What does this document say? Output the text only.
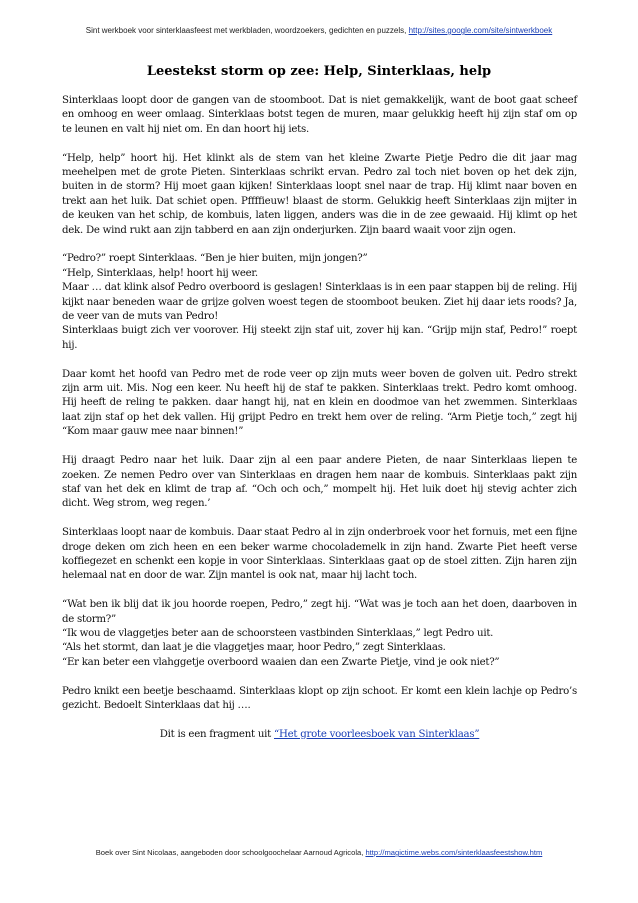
Sint werkboek voor sinterklaasfeest met werkbladen, woordzoekers, gedichten en puzzels, http://sites.google.com/site/sintwerkboek
Leestekst storm op zee: Help, Sinterklaas, help

Sinterklaas loopt door de gangen van de stoomboot. Dat is niet gemakkelijk, want de boot gaat scheef en omhoog en weer omlaag. Sinterklaas botst tegen de muren, maar gelukkig heeft hij zijn staf om op te leunen en valt hij niet om. En dan hoort hij iets.

“Help, help” hoort hij. Het klinkt als de stem van het kleine Zwarte Pietje Pedro die dit jaar mag meehelpen met de grote Pieten. Sinterklaas schrikt ervan. Pedro zal toch niet boven op het dek zijn, buiten in de storm? Hij moet gaan kijken! Sinterklaas loopt snel naar de trap. Hij klimt naar boven en trekt aan het luik. Dat schiet open. Pffffieuw! blaast de storm. Gelukkig heeft Sinterklaas zijn mijter in de keuken van het schip, de kombuis, laten liggen, anders was die in de zee gewaaid. Hij klimt op het dek. De wind rukt aan zijn tabberd en aan zijn onderjurken. Zijn baard waait voor zijn ogen.

“Pedro?” roept Sinterklaas. “Ben je hier buiten, mijn jongen?”
“Help, Sinterklaas, help! hoort hij weer.
Maar … dat klink alsof Pedro overboord is geslagen! Sinterklaas is in een paar stappen bij de reling. Hij kijkt naar beneden waar de grijze golven woest tegen de stoomboot beuken. Ziet hij daar iets roods? Ja, de veer van de muts van Pedro!
Sinterklaas buigt zich ver voorover. Hij steekt zijn staf uit, zover hij kan. “Grijp mijn staf, Pedro!” roept hij.

Daar komt het hoofd van Pedro met de rode veer op zijn muts weer boven de golven uit. Pedro strekt zijn arm uit. Mis. Nog een keer. Nu heeft hij de staf te pakken. Sinterklaas trekt. Pedro komt omhoog. Hij heeft de reling te pakken. daar hangt hij, nat en klein en doodmoe van het zwemmen. Sinterklaas laat zijn staf op het dek vallen. Hij grijpt Pedro en trekt hem over de reling. “Arm Pietje toch,” zegt hij “Kom maar gauw mee naar binnen!”

Hij draagt Pedro naar het luik. Daar zijn al een paar andere Pieten, de naar Sinterklaas liepen te zoeken. Ze nemen Pedro over van Sinterklaas en dragen hem naar de kombuis. Sinterklaas pakt zijn staf van het dek en klimt de trap af. “Och och och,” mompelt hij. Het luik doet hij stevig achter zich dicht. Weg strom, weg regen.’

Sinterklaas loopt naar de kombuis. Daar staat Pedro al in zijn onderbroek voor het fornuis, met een fijne droge deken om zich heen en een beker warme chocolademelk in zijn hand. Zwarte Piet heeft verse koffiegezet en schenkt een kopje in voor Sinterklaas. Sinterklaas gaat op de stoel zitten. Zijn haren zijn helemaal nat en door de war. Zijn mantel is ook nat, maar hij lacht toch.

“Wat ben ik blij dat ik jou hoorde roepen, Pedro,” zegt hij. “Wat was je toch aan het doen, daarboven in de storm?”
“Ik wou de vlaggetjes beter aan de schoorsteen vastbinden Sinterklaas,” legt Pedro uit.
“Als het stormt, dan laat je die vlaggetjes maar, hoor Pedro,” zegt Sinterklaas.
“Er kan beter een vlahggetje overboord waaien dan een Zwarte Pietje, vind je ook niet?”

Pedro knikt een beetje beschaamd. Sinterklaas klopt op zijn schoot. Er komt een klein lachje op Pedro’s gezicht. Bedoelt Sinterklaas dat hij ….

Dit is een fragment uit “Het grote voorleesboek van Sinterklaas”
Boek over Sint Nicolaas, aangeboden door schoolgoochelaar Aarnoud Agricola, http://magictime.webs.com/sinterklaasfeestshow.htm
